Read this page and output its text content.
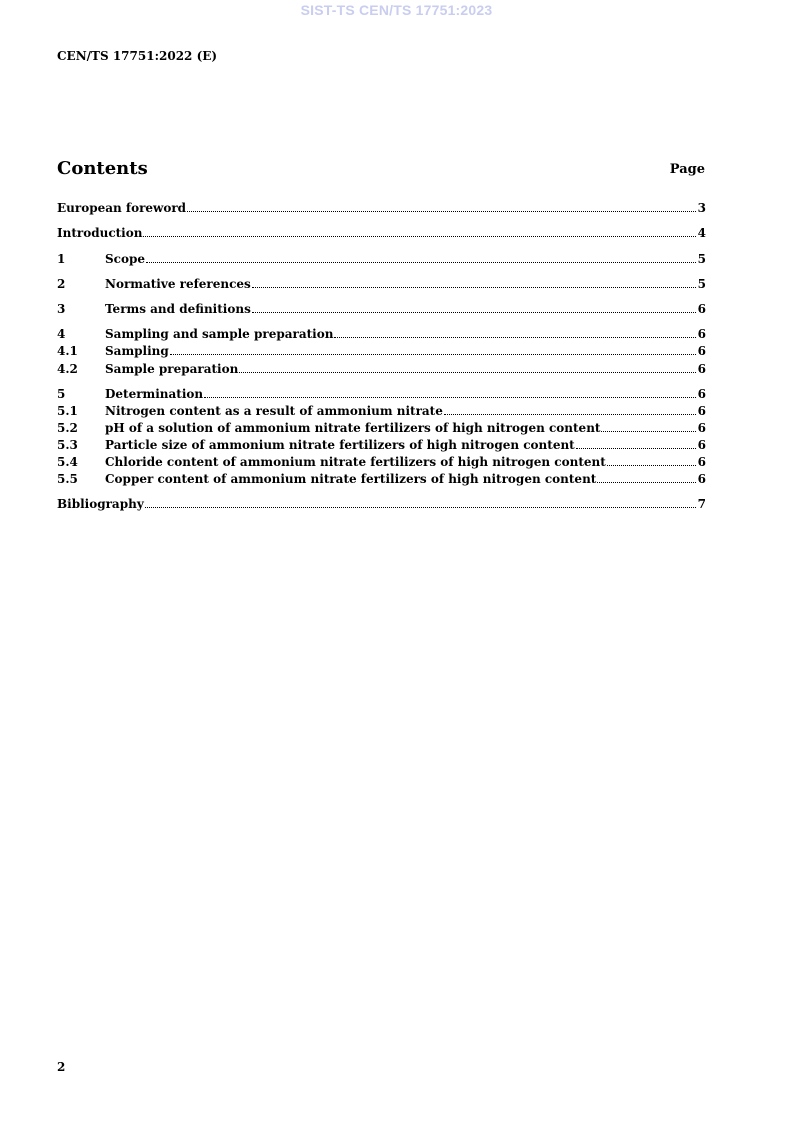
SIST-TS CEN/TS 17751:2023
CEN/TS 17751:2022 (E)
Contents	Page
European foreword	3
Introduction	4
1	Scope	5
2	Normative references	5
3	Terms and definitions	6
4	Sampling and sample preparation	6
4.1	Sampling	6
4.2	Sample preparation	6
5	Determination	6
5.1	Nitrogen content as a result of ammonium nitrate	6
5.2	pH of a solution of ammonium nitrate fertilizers of high nitrogen content	6
5.3	Particle size of ammonium nitrate fertilizers of high nitrogen content	6
5.4	Chloride content of ammonium nitrate fertilizers of high nitrogen content	6
5.5	Copper content of ammonium nitrate fertilizers of high nitrogen content	6
Bibliography	7
2
